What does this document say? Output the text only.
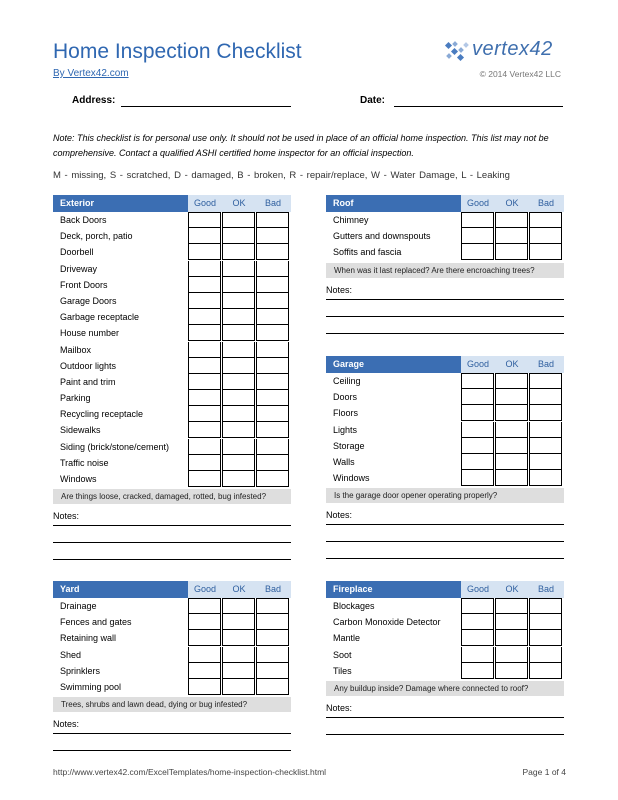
Home Inspection Checklist
By Vertex42.com
vertex42
© 2014 Vertex42 LLC
Address:	Date:
Note: This checklist is for personal use only. It should not be used in place of an official home inspection. This list may not be comprehensive. Contact a qualified ASHI certified home inspector for an official inspection.
M - missing, S - scratched, D - damaged, B - broken, R - repair/replace, W - Water Damage, L - Leaking
Exterior	Good	OK	Bad
Back Doors
Deck, porch, patio
Doorbell
Driveway
Front Doors
Garage Doors
Garbage receptacle
House number
Mailbox
Outdoor lights
Paint and trim
Parking
Recycling receptacle
Sidewalks
Siding (brick/stone/cement)
Traffic noise
Windows
Are things loose, cracked, damaged, rotted, bug infested?
Notes:
Roof	Good	OK	Bad
Chimney
Gutters and downspouts
Soffits and fascia
When was it last replaced? Are there encroaching trees?
Notes:
Garage	Good	OK	Bad
Ceiling
Doors
Floors
Lights
Storage
Walls
Windows
Is the garage door opener operating properly?
Notes:
Yard	Good	OK	Bad
Drainage
Fences and gates
Retaining wall
Shed
Sprinklers
Swimming pool
Trees, shrubs and lawn dead, dying or bug infested?
Notes:
Fireplace	Good	OK	Bad
Blockages
Carbon Monoxide Detector
Mantle
Soot
Tiles
Any buildup inside? Damage where connected to roof?
Notes:
http://www.vertex42.com/ExcelTemplates/home-inspection-checklist.html	Page 1 of 4
